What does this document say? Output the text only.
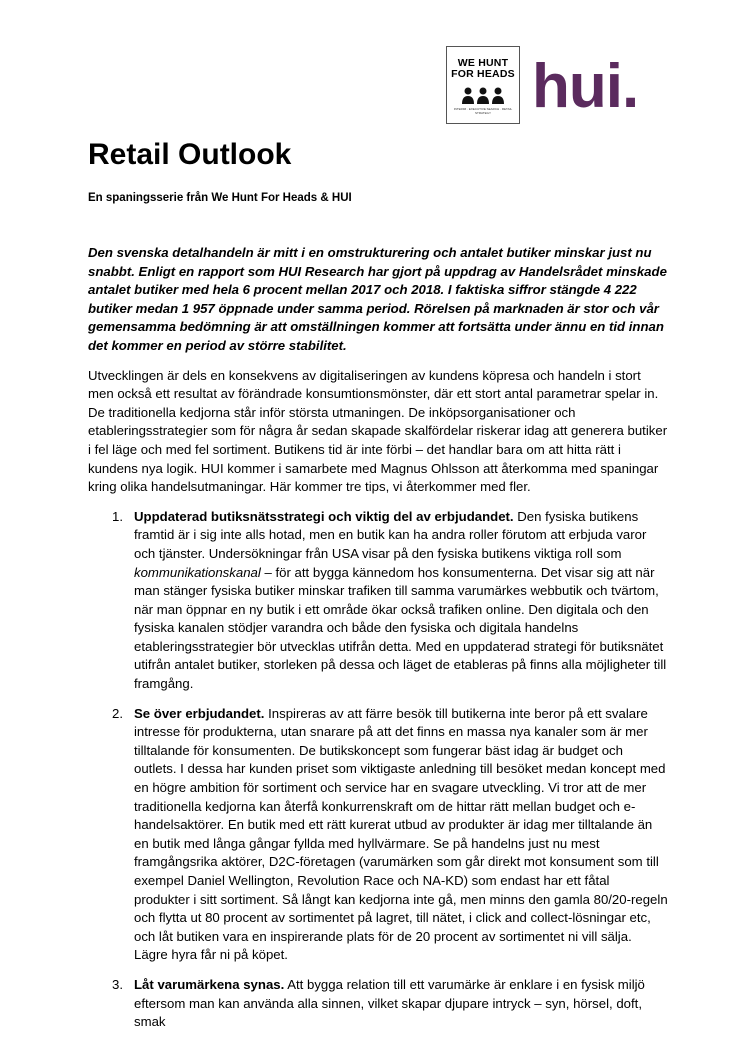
WE HUNT
FOR HEADS
INTERIM · EXECUTIVE SEARCH · RETAIL STRATEGY hui.
Retail Outlook

En spaningsserie från We Hunt For Heads & HUI

Den svenska detalhandeln är mitt i en omstrukturering och antalet butiker minskar just nu snabbt. Enligt en rapport som HUI Research har gjort på uppdrag av Handelsrådet minskade antalet butiker med hela 6 procent mellan 2017 och 2018. I faktiska siffror stängde 4 222 butiker medan 1 957 öppnade under samma period. Rörelsen på marknaden är stor och vår gemensamma bedömning är att omställningen kommer att fortsätta under ännu en tid innan det kommer en period av större stabilitet.

Utvecklingen är dels en konsekvens av digitaliseringen av kundens köpresa och handeln i stort men också ett resultat av förändrade konsumtionsmönster, där ett stort antal parametrar spelar in. De traditionella kedjorna står inför största utmaningen. De inköpsorganisationer och etableringsstrategier som för några år sedan skapade skalfördelar riskerar idag att generera butiker i fel läge och med fel sortiment. Butikens tid är inte förbi – det handlar bara om att hitta rätt i kundens nya logik. HUI kommer i samarbete med Magnus Ohlsson att återkomma med spaningar kring olika handelsutmaningar. Här kommer tre tips, vi återkommer med fler.

1. Uppdaterad butiksnätsstrategi och viktig del av erbjudandet. Den fysiska butikens framtid är i sig inte alls hotad, men en butik kan ha andra roller förutom att erbjuda varor och tjänster. Undersökningar från USA visar på den fysiska butikens viktiga roll som kommunikationskanal – för att bygga kännedom hos konsumenterna. Det visar sig att när man stänger fysiska butiker minskar trafiken till samma varumärkes webbutik och tvärtom, när man öppnar en ny butik i ett område ökar också trafiken online. Den digitala och den fysiska kanalen stödjer varandra och både den fysiska och digitala handelns etableringsstrategier bör utvecklas utifrån detta. Med en uppdaterad strategi för butiksnätet utifrån antalet butiker, storleken på dessa och läget de etableras på finns alla möjligheter till framgång.
2. Se över erbjudandet. Inspireras av att färre besök till butikerna inte beror på ett svalare intresse för produkterna, utan snarare på att det finns en massa nya kanaler som är mer tilltalande för konsumenten. De butikskoncept som fungerar bäst idag är budget och outlets. I dessa har kunden priset som viktigaste anledning till besöket medan koncept med en högre ambition för sortiment och service har en svagare utveckling. Vi tror att de mer traditionella kedjorna kan återfå konkurrenskraft om de hittar rätt mellan budget och e-handelsaktörer. En butik med ett rätt kurerat utbud av produkter är idag mer tilltalande än en butik med långa gångar fyllda med hyllvärmare. Se på handelns just nu mest framgångsrika aktörer, D2C-företagen (varumärken som går direkt mot konsument som till exempel Daniel Wellington, Revolution Race och NA-KD) som endast har ett fåtal produkter i sitt sortiment. Så långt kan kedjorna inte gå, men minns den gamla 80/20-regeln och flytta ut 80 procent av sortimentet på lagret, till nätet, i click and collect-lösningar etc, och låt butiken vara en inspirerande plats för de 20 procent av sortimentet ni vill sälja. Lägre hyra får ni på köpet.
3. Låt varumärkena synas. Att bygga relation till ett varumärke är enklare i en fysisk miljö eftersom man kan använda alla sinnen, vilket skapar djupare intryck – syn, hörsel, doft, smak
